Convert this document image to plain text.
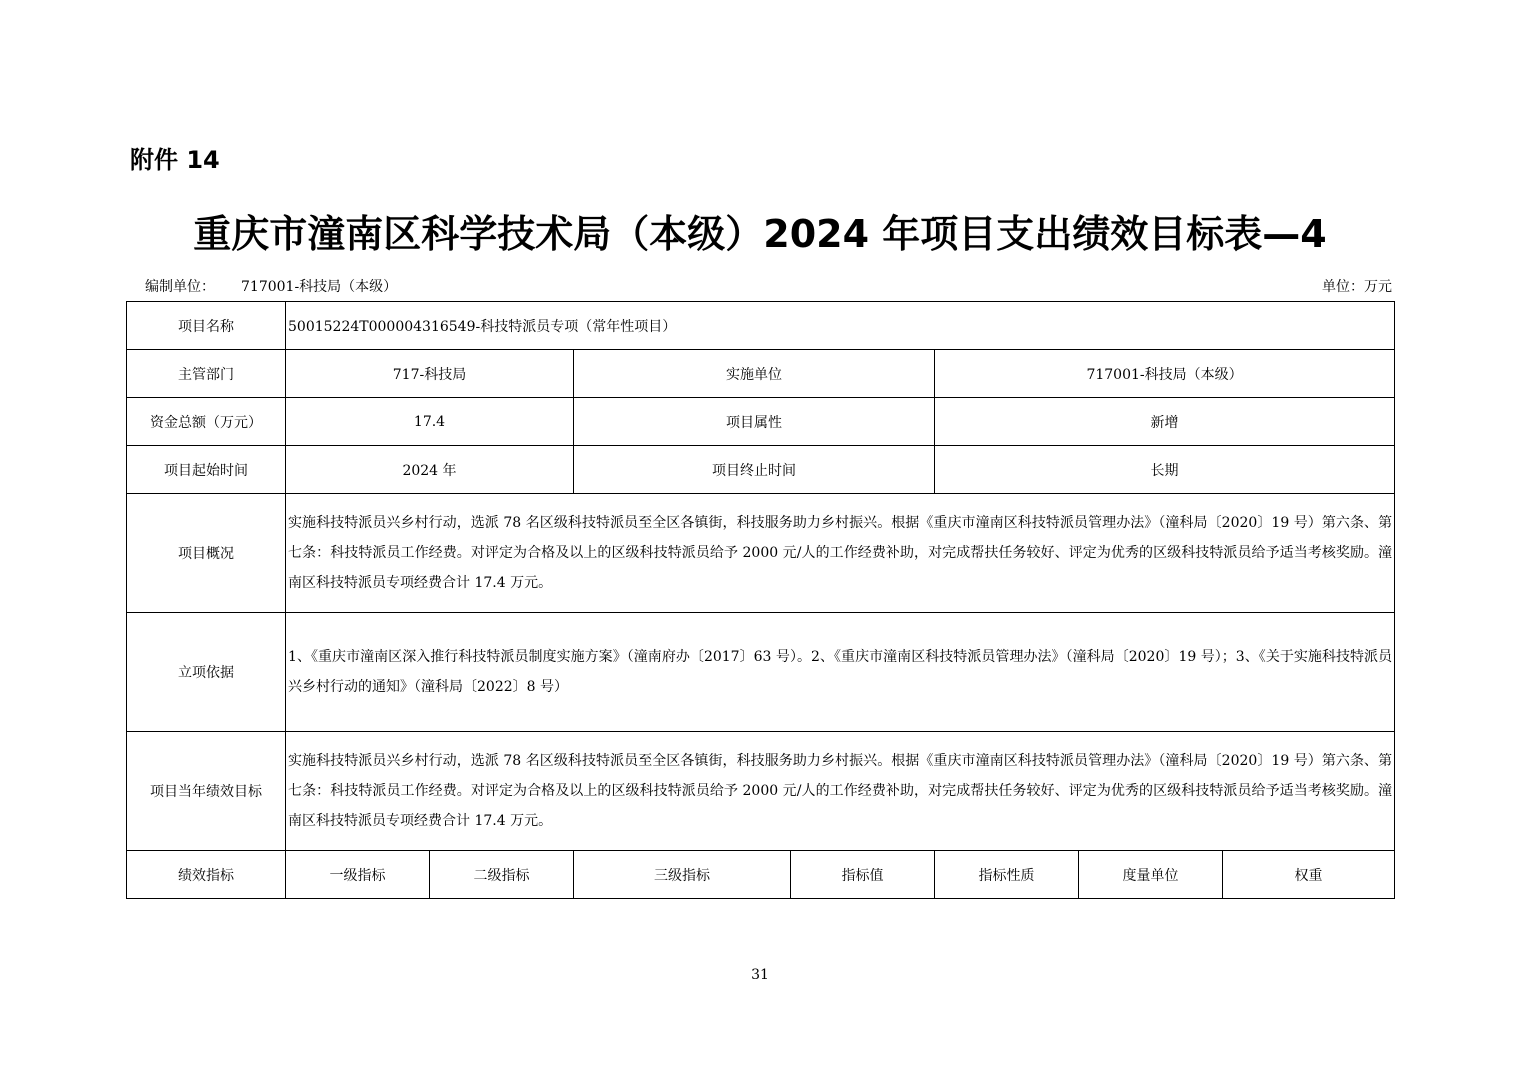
附件 14
重庆市潼南区科学技术局（本级）2024 年项目支出绩效目标表—4
编制单位： 717001-科技局（本级）	单位：万元
项目名称	50015224T000004316549-科技特派员专项（常年性项目）						
主管部门	717-科技局		实施单位		717001-科技局（本级）		
资金总额（万元）	17.4		项目属性		新增		
项目起始时间	2024 年		项目终止时间		长期		
项目概况	实施科技特派员兴乡村行动，选派 78 名区级科技特派员至全区各镇街，科技服务助力乡村振兴。根据《重庆市潼南区科技特派员管理办法》（潼科局〔2020〕19 号）第六条、第七条：科技特派员工作经费。对评定为合格及以上的区级科技特派员给予 2000 元/人的工作经费补助，对完成帮扶任务较好、评定为优秀的区级科技特派员给予适当考核奖励。潼南区科技特派员专项经费合计 17.4 万元。						
立项依据	1、《重庆市潼南区深入推行科技特派员制度实施方案》（潼南府办〔2017〕63 号）。2、《重庆市潼南区科技特派员管理办法》（潼科局〔2020〕19 号）；3、《关于实施科技特派员兴乡村行动的通知》（潼科局〔2022〕8 号）						
项目当年绩效目标	实施科技特派员兴乡村行动，选派 78 名区级科技特派员至全区各镇街，科技服务助力乡村振兴。根据《重庆市潼南区科技特派员管理办法》（潼科局〔2020〕19 号）第六条、第七条：科技特派员工作经费。对评定为合格及以上的区级科技特派员给予 2000 元/人的工作经费补助，对完成帮扶任务较好、评定为优秀的区级科技特派员给予适当考核奖励。潼南区科技特派员专项经费合计 17.4 万元。						
绩效指标	一级指标	二级指标	三级指标	指标值	指标性质	度量单位	权重
31
